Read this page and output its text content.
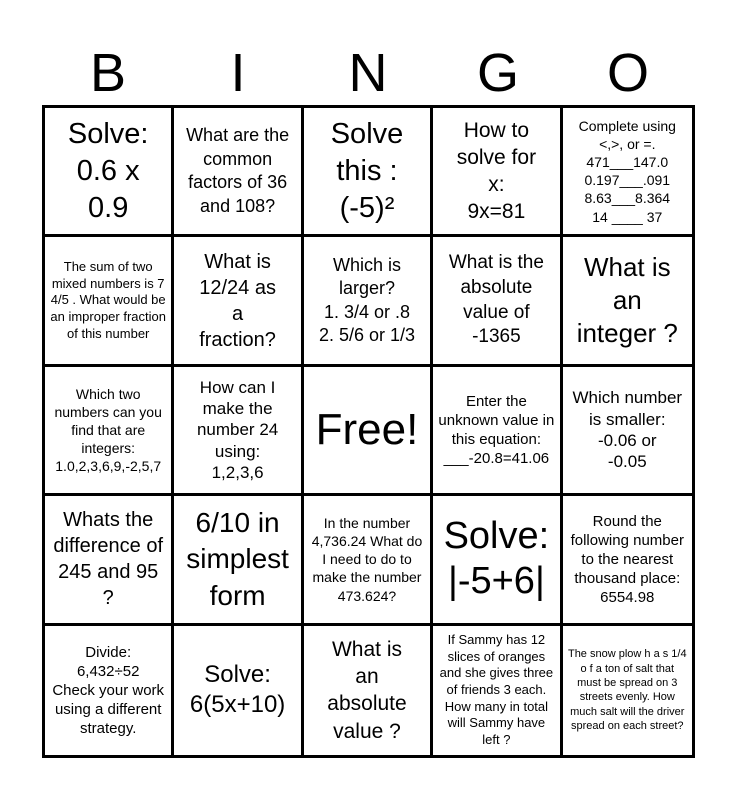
B	I	N	G	O
Solve:
0.6 x
0.9
What are the common factors of 36 and 108?
Solve
this :
(-5)²
How to
solve for
x:
9x=81
Complete using
<,>, or =.
471___147.0
0.197___.091
8.63___8.364
14 ____ 37
The sum of two mixed numbers is 7 4/5 . What would be an improper fraction of this number
What is
12/24 as
a
fraction?
Which is
larger?
1. 3/4 or .8
2. 5/6 or 1/3
What is the absolute value of
-1365
What is
an
integer ?
Which two numbers can you find that are integers:
1.0,2,3,6,9,-2,5,7
How can I make the number 24 using:
1,2,3,6
Free!
Enter the unknown value in this equation:
___-20.8=41.06
Which number is smaller:
-0.06 or
-0.05
Whats the difference of 245 and 95 ?
6/10 in simplest form
In the number 4,736.24 What do I need to do to make the number 473.624?
Solve:
|-5+6|
Round the following number to the nearest thousand place:
6554.98
Divide:
6,432÷52
Check your work using a different strategy.
Solve:
6(5x+10)
What is
an
absolute
value ?
If Sammy has 12 slices of oranges and she gives three of friends 3 each. How many in total will Sammy have left ?
The snow plow h a s 1/4 o f a ton of salt that must be spread on 3 streets evenly. How much salt will the driver spread on each street?
